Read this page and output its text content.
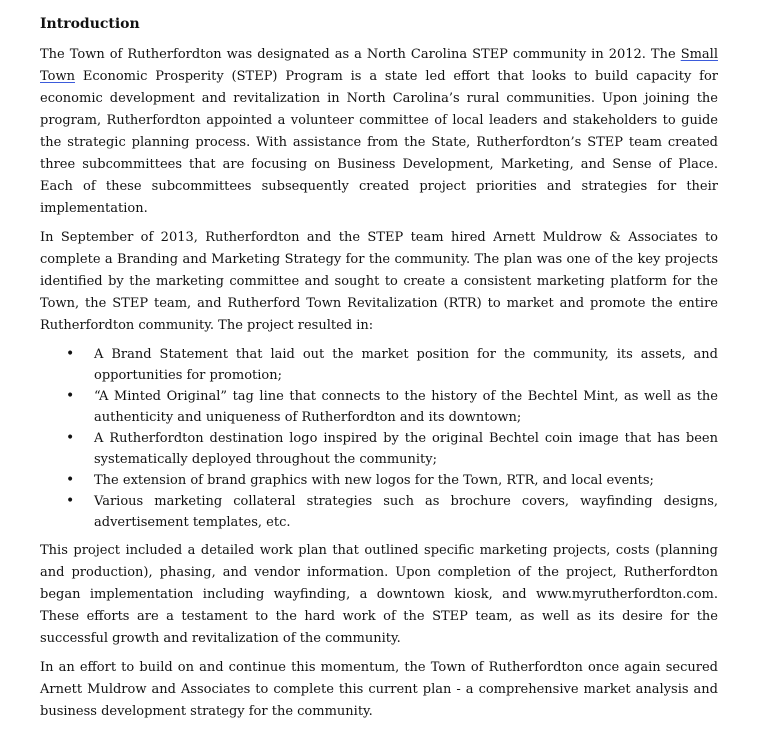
Introduction

The Town of Rutherfordton was designated as a North Carolina STEP community in 2012. The Small Town Economic Prosperity (STEP) Program is a state led effort that looks to build capacity for economic development and revitalization in North Carolina’s rural communities. Upon joining the program, Rutherfordton appointed a volunteer committee of local leaders and stakeholders to guide the strategic planning process. With assistance from the State, Rutherfordton’s STEP team created three subcommittees that are focusing on Business Development, Marketing, and Sense of Place. Each of these subcommittees subsequently created project priorities and strategies for their implementation.

In September of 2013, Rutherfordton and the STEP team hired Arnett Muldrow & Associates to complete a Branding and Marketing Strategy for the community. The plan was one of the key projects identified by the marketing committee and sought to create a consistent marketing platform for the Town, the STEP team, and Rutherford Town Revitalization (RTR) to market and promote the entire Rutherfordton community. The project resulted in:

• A Brand Statement that laid out the market position for the community, its assets, and opportunities for promotion;
• “A Minted Original” tag line that connects to the history of the Bechtel Mint, as well as the authenticity and uniqueness of Rutherfordton and its downtown;
• A Rutherfordton destination logo inspired by the original Bechtel coin image that has been systematically deployed throughout the community;
• The extension of brand graphics with new logos for the Town, RTR, and local events;
• Various marketing collateral strategies such as brochure covers, wayfinding designs, advertisement templates, etc.

This project included a detailed work plan that outlined specific marketing projects, costs (planning and production), phasing, and vendor information. Upon completion of the project, Rutherfordton began implementation including wayfinding, a downtown kiosk, and www.myrutherfordton.com. These efforts are a testament to the hard work of the STEP team, as well as its desire for the successful growth and revitalization of the community.

In an effort to build on and continue this momentum, the Town of Rutherfordton once again secured Arnett Muldrow and Associates to complete this current plan - a comprehensive market analysis and business development strategy for the community.
